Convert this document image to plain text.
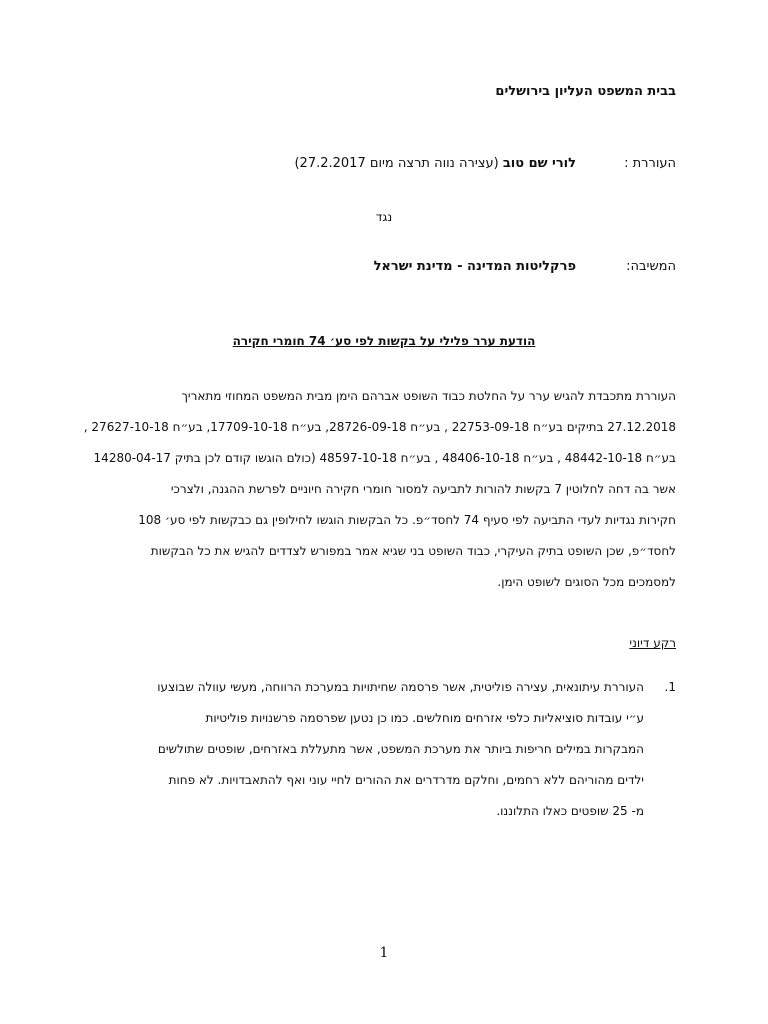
בבית המשפט העליון בירושלים
העוררת :
לורי שם טוב (עצירה נווה תרצה מיום 27.2.2017)
נגד
המשיבה:
פרקליטות המדינה - מדינת ישראל
הודעת ערר פלילי על בקשות לפי סע׳ 74 חומרי חקירה
העוררת מתכבדת להגיש ערר על החלטת כבוד השופט אברהם הימן מבית המשפט המחוזי מתאריך
27.12.2018 בתיקים בע״ח 22753-09-18 , בע״ח 28726-09-18, בע״ח 17709-10-18, בע״ח 27627-10-18 ,
בע״ח 48442-10-18 , בע״ח 48406-10-18 , בע״ח 48597-10-18 (כולם הוגשו קודם לכן בתיק 14280-04-17
אשר בה דחה לחלוטין 7 בקשות להורות לתביעה למסור חומרי חקירה חיוניים לפרשת ההגנה, ולצרכי
חקירות נגדיות לעדי התביעה לפי סעיף 74 לחסד״פ. כל הבקשות הוגשו לחילופין גם כבקשות לפי סע׳ 108
לחסד״פ, שכן השופט בתיק העיקרי, כבוד השופט בני שגיא אמר במפורש לצדדים להגיש את כל הבקשות
למסמכים מכל הסוגים לשופט הימן.
רקע דיוני
1.
העוררת עיתונאית, עצירה פוליטית, אשר פרסמה שחיתויות במערכת הרווחה, מעשי עוולה שבוצעו
ע״י עובדות סוציאליות כלפי אזרחים מוחלשים. כמו כן נטען שפרסמה פרשנויות פוליטיות
המבקרות במילים חריפות ביותר את מערכת המשפט, אשר מתעללת באזרחים, שופטים שתולשים
ילדים מהוריהם ללא רחמים, וחלקם מדרדרים את ההורים לחיי עוני ואף להתאבדויות. לא פחות
מ- 25 שופטים כאלו התלוננו.
1
